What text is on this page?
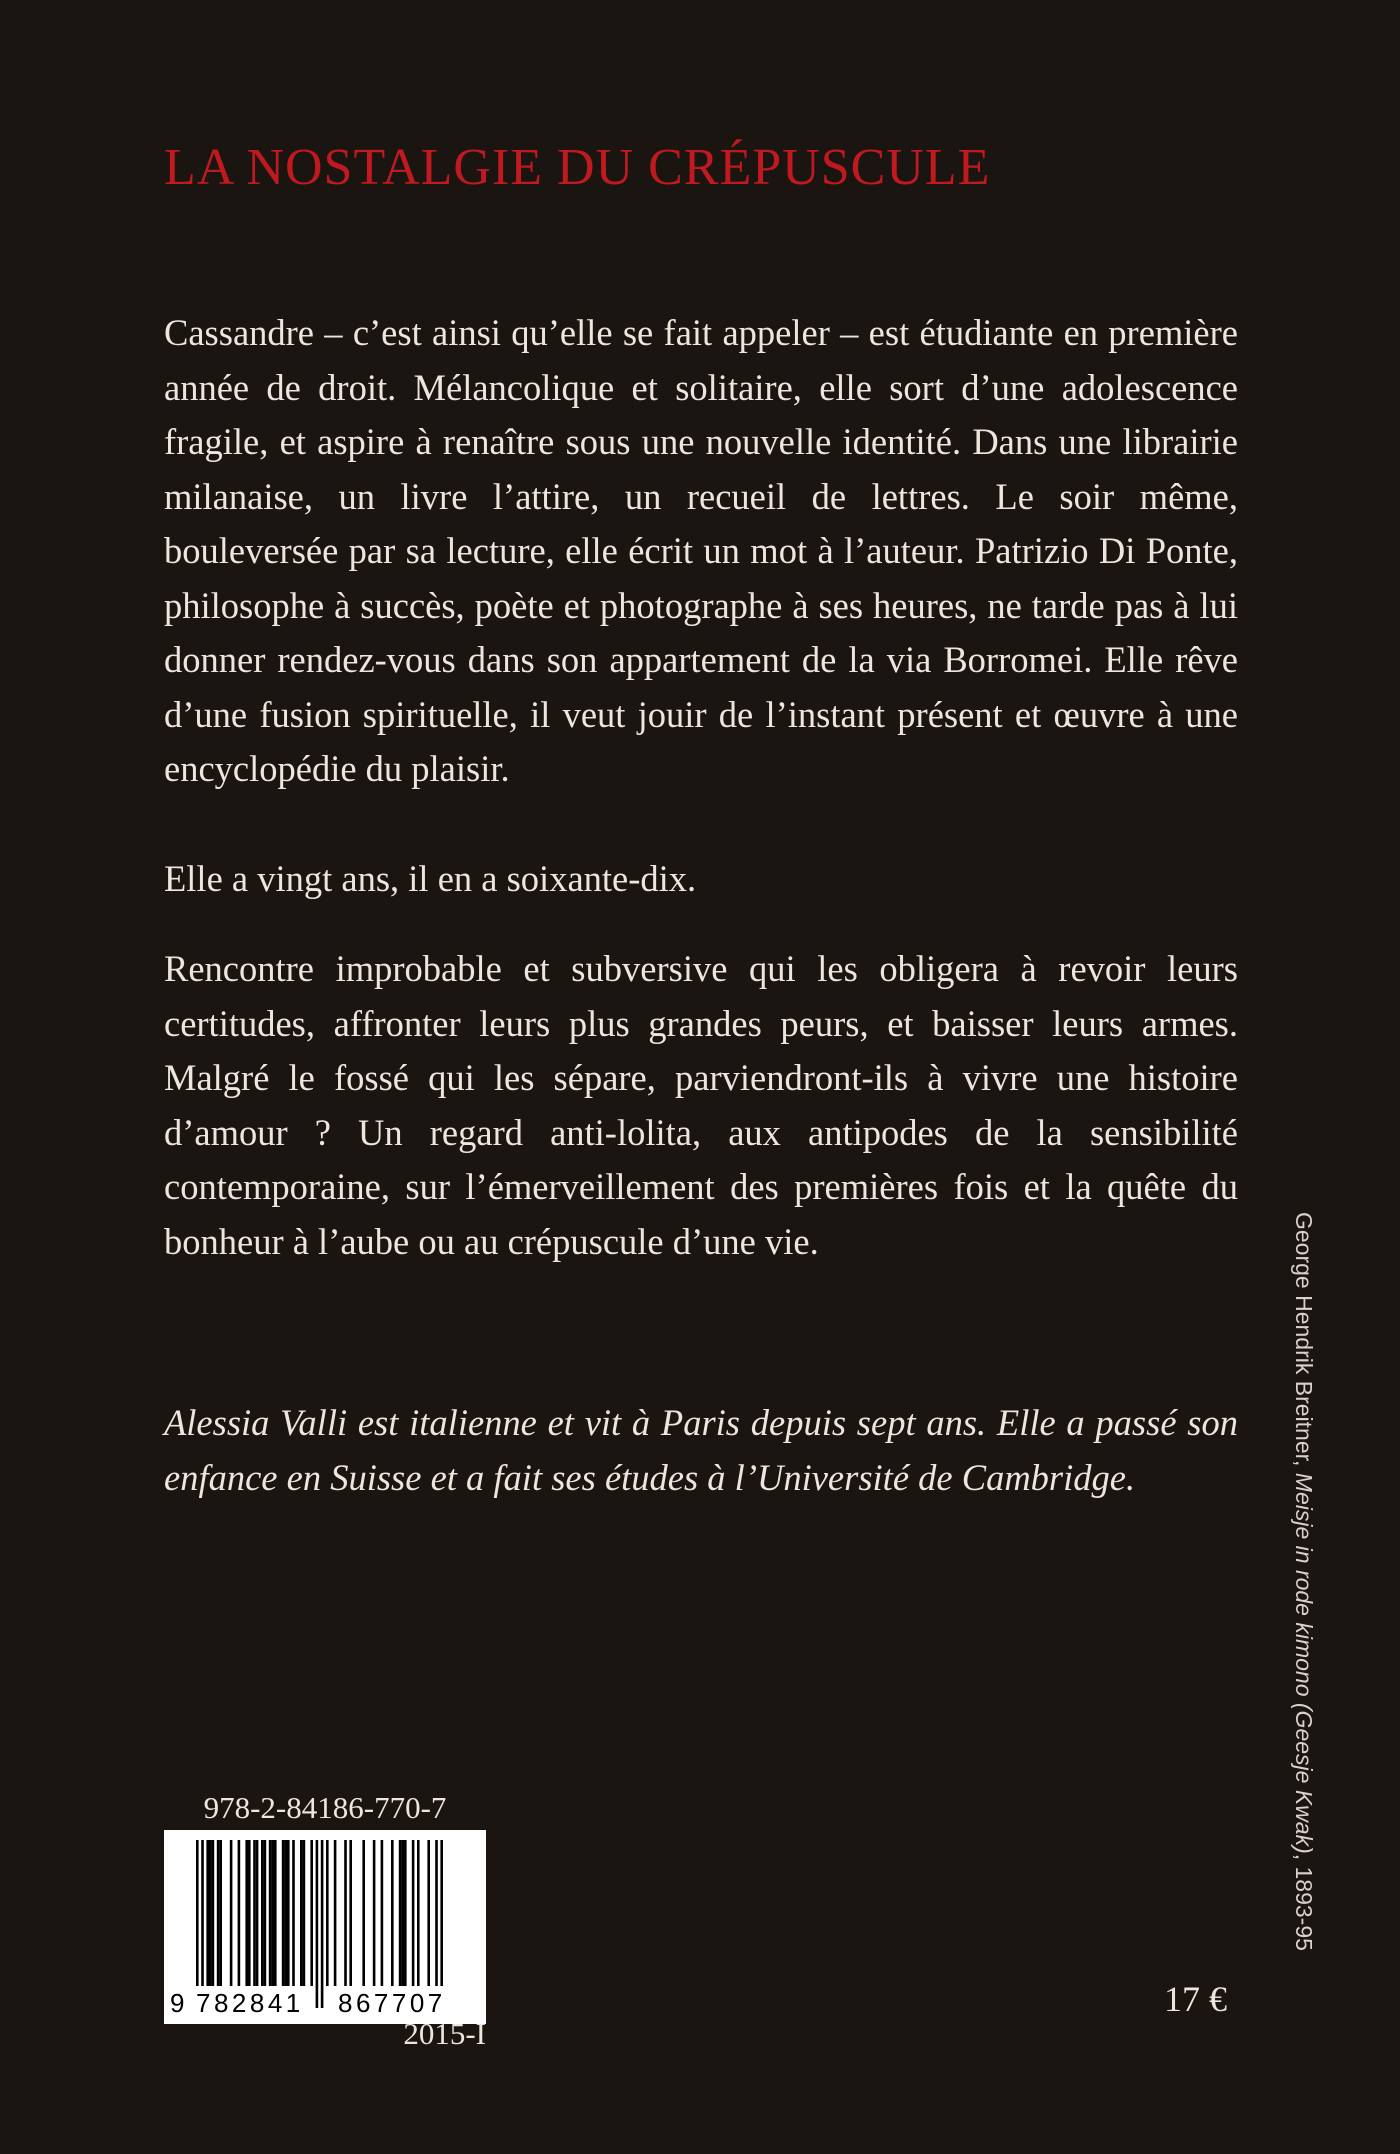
LA NOSTALGIE DU CRÉPUSCULE

Cassandre – c’est ainsi qu’elle se fait appeler – est étudiante en première année de droit. Mélancolique et solitaire, elle sort d’une adolescence fragile, et aspire à renaître sous une nouvelle identité. Dans une librairie milanaise, un livre l’attire, un recueil de lettres. Le soir même, bouleversée par sa lecture, elle écrit un mot à l’auteur. Patrizio Di Ponte, philosophe à succès, poète et photographe à ses heures, ne tarde pas à lui donner rendez-vous dans son appartement de la via Borromei. Elle rêve d’une fusion spirituelle, il veut jouir de l’instant présent et œuvre à une encyclopédie du plaisir.

Elle a vingt ans, il en a soixante-dix.

Rencontre improbable et subversive qui les obligera à revoir leurs certitudes, affronter leurs plus grandes peurs, et baisser leurs armes. Malgré le fossé qui les sépare, parviendront-ils à vivre une histoire d’amour ? Un regard anti-lolita, aux antipodes de la sensibilité contemporaine, sur l’émerveillement des premières fois et la quête du bonheur à l’aube ou au crépuscule d’une vie.

Alessia Valli est italienne et vit à Paris depuis sept ans. Elle a passé son enfance en Suisse et a fait ses études à l’Université de Cambridge.

978-2-84186-770-7

9 782841 867707

2015-I

17 €

George Hendrik Breitner, Meisje in rode kimono (Geesje Kwak), 1893-95
